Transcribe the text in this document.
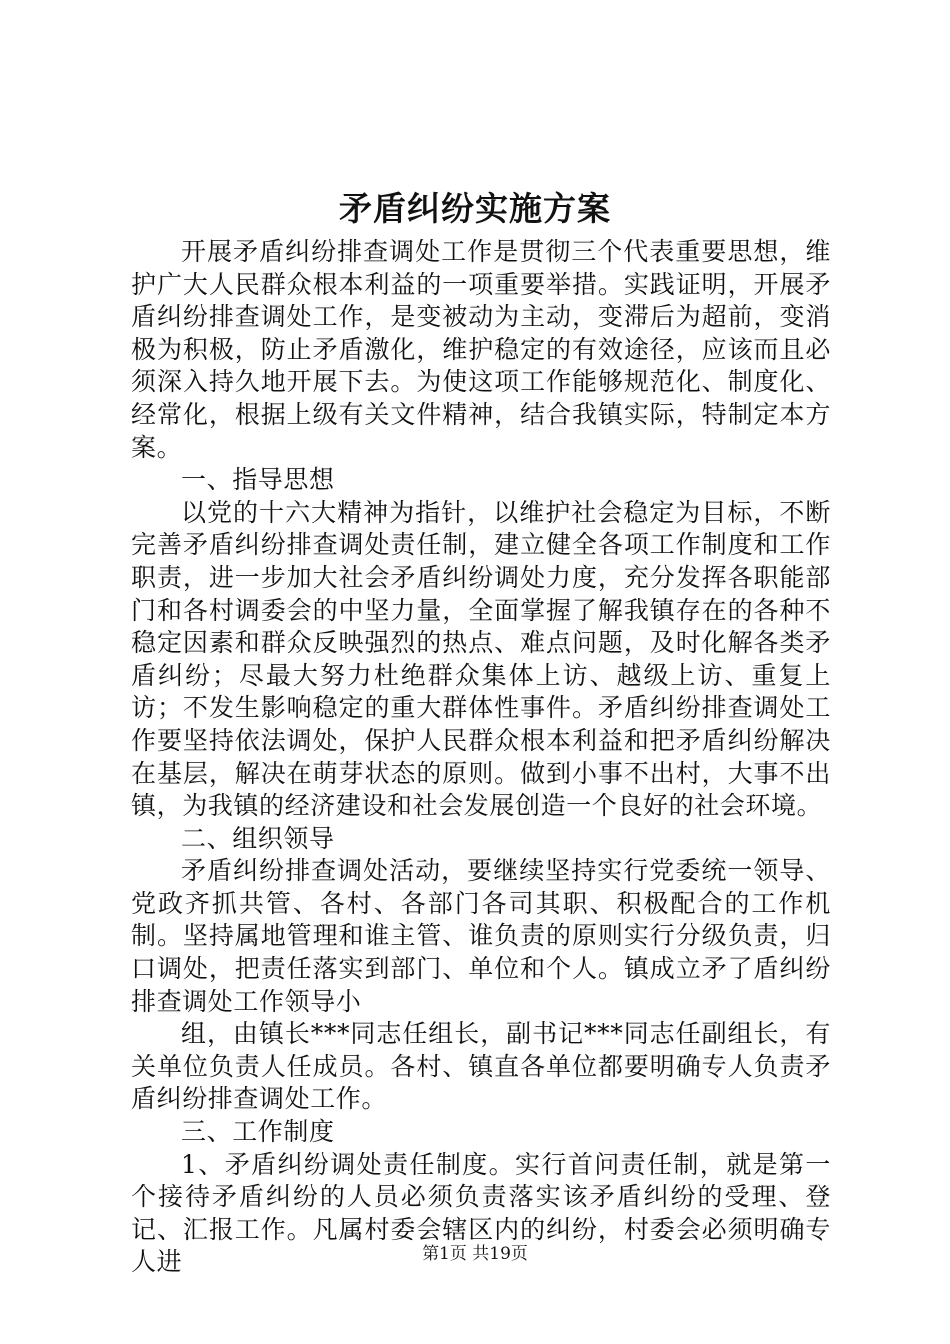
矛盾纠纷实施方案

开展矛盾纠纷排查调处工作是贯彻三个代表重要思想，维护广大人民群众根本利益的一项重要举措。实践证明，开展矛盾纠纷排查调处工作，是变被动为主动，变滞后为超前，变消极为积极，防止矛盾激化，维护稳定的有效途径，应该而且必须深入持久地开展下去。为使这项工作能够规范化、制度化、经常化，根据上级有关文件精神，结合我镇实际，特制定本方案。

一、指导思想

以党的十六大精神为指针，以维护社会稳定为目标，不断完善矛盾纠纷排查调处责任制，建立健全各项工作制度和工作职责，进一步加大社会矛盾纠纷调处力度，充分发挥各职能部门和各村调委会的中坚力量，全面掌握了解我镇存在的各种不稳定因素和群众反映强烈的热点、难点问题，及时化解各类矛盾纠纷；尽最大努力杜绝群众集体上访、越级上访、重复上访；不发生影响稳定的重大群体性事件。矛盾纠纷排查调处工作要坚持依法调处，保护人民群众根本利益和把矛盾纠纷解决在基层，解决在萌芽状态的原则。做到小事不出村，大事不出镇，为我镇的经济建设和社会发展创造一个良好的社会环境。

二、组织领导

矛盾纠纷排查调处活动，要继续坚持实行党委统一领导、党政齐抓共管、各村、各部门各司其职、积极配合的工作机制。坚持属地管理和谁主管、谁负责的原则实行分级负责，归口调处，把责任落实到部门、单位和个人。镇成立矛了盾纠纷排查调处工作领导小

组，由镇长***同志任组长，副书记***同志任副组长，有关单位负责人任成员。各村、镇直各单位都要明确专人负责矛盾纠纷排查调处工作。

三、工作制度

1、矛盾纠纷调处责任制度。实行首问责任制，就是第一个接待矛盾纠纷的人员必须负责落实该矛盾纠纷的受理、登记、汇报工作。凡属村委会辖区内的纠纷，村委会必须明确专人进	第1页 共19页
